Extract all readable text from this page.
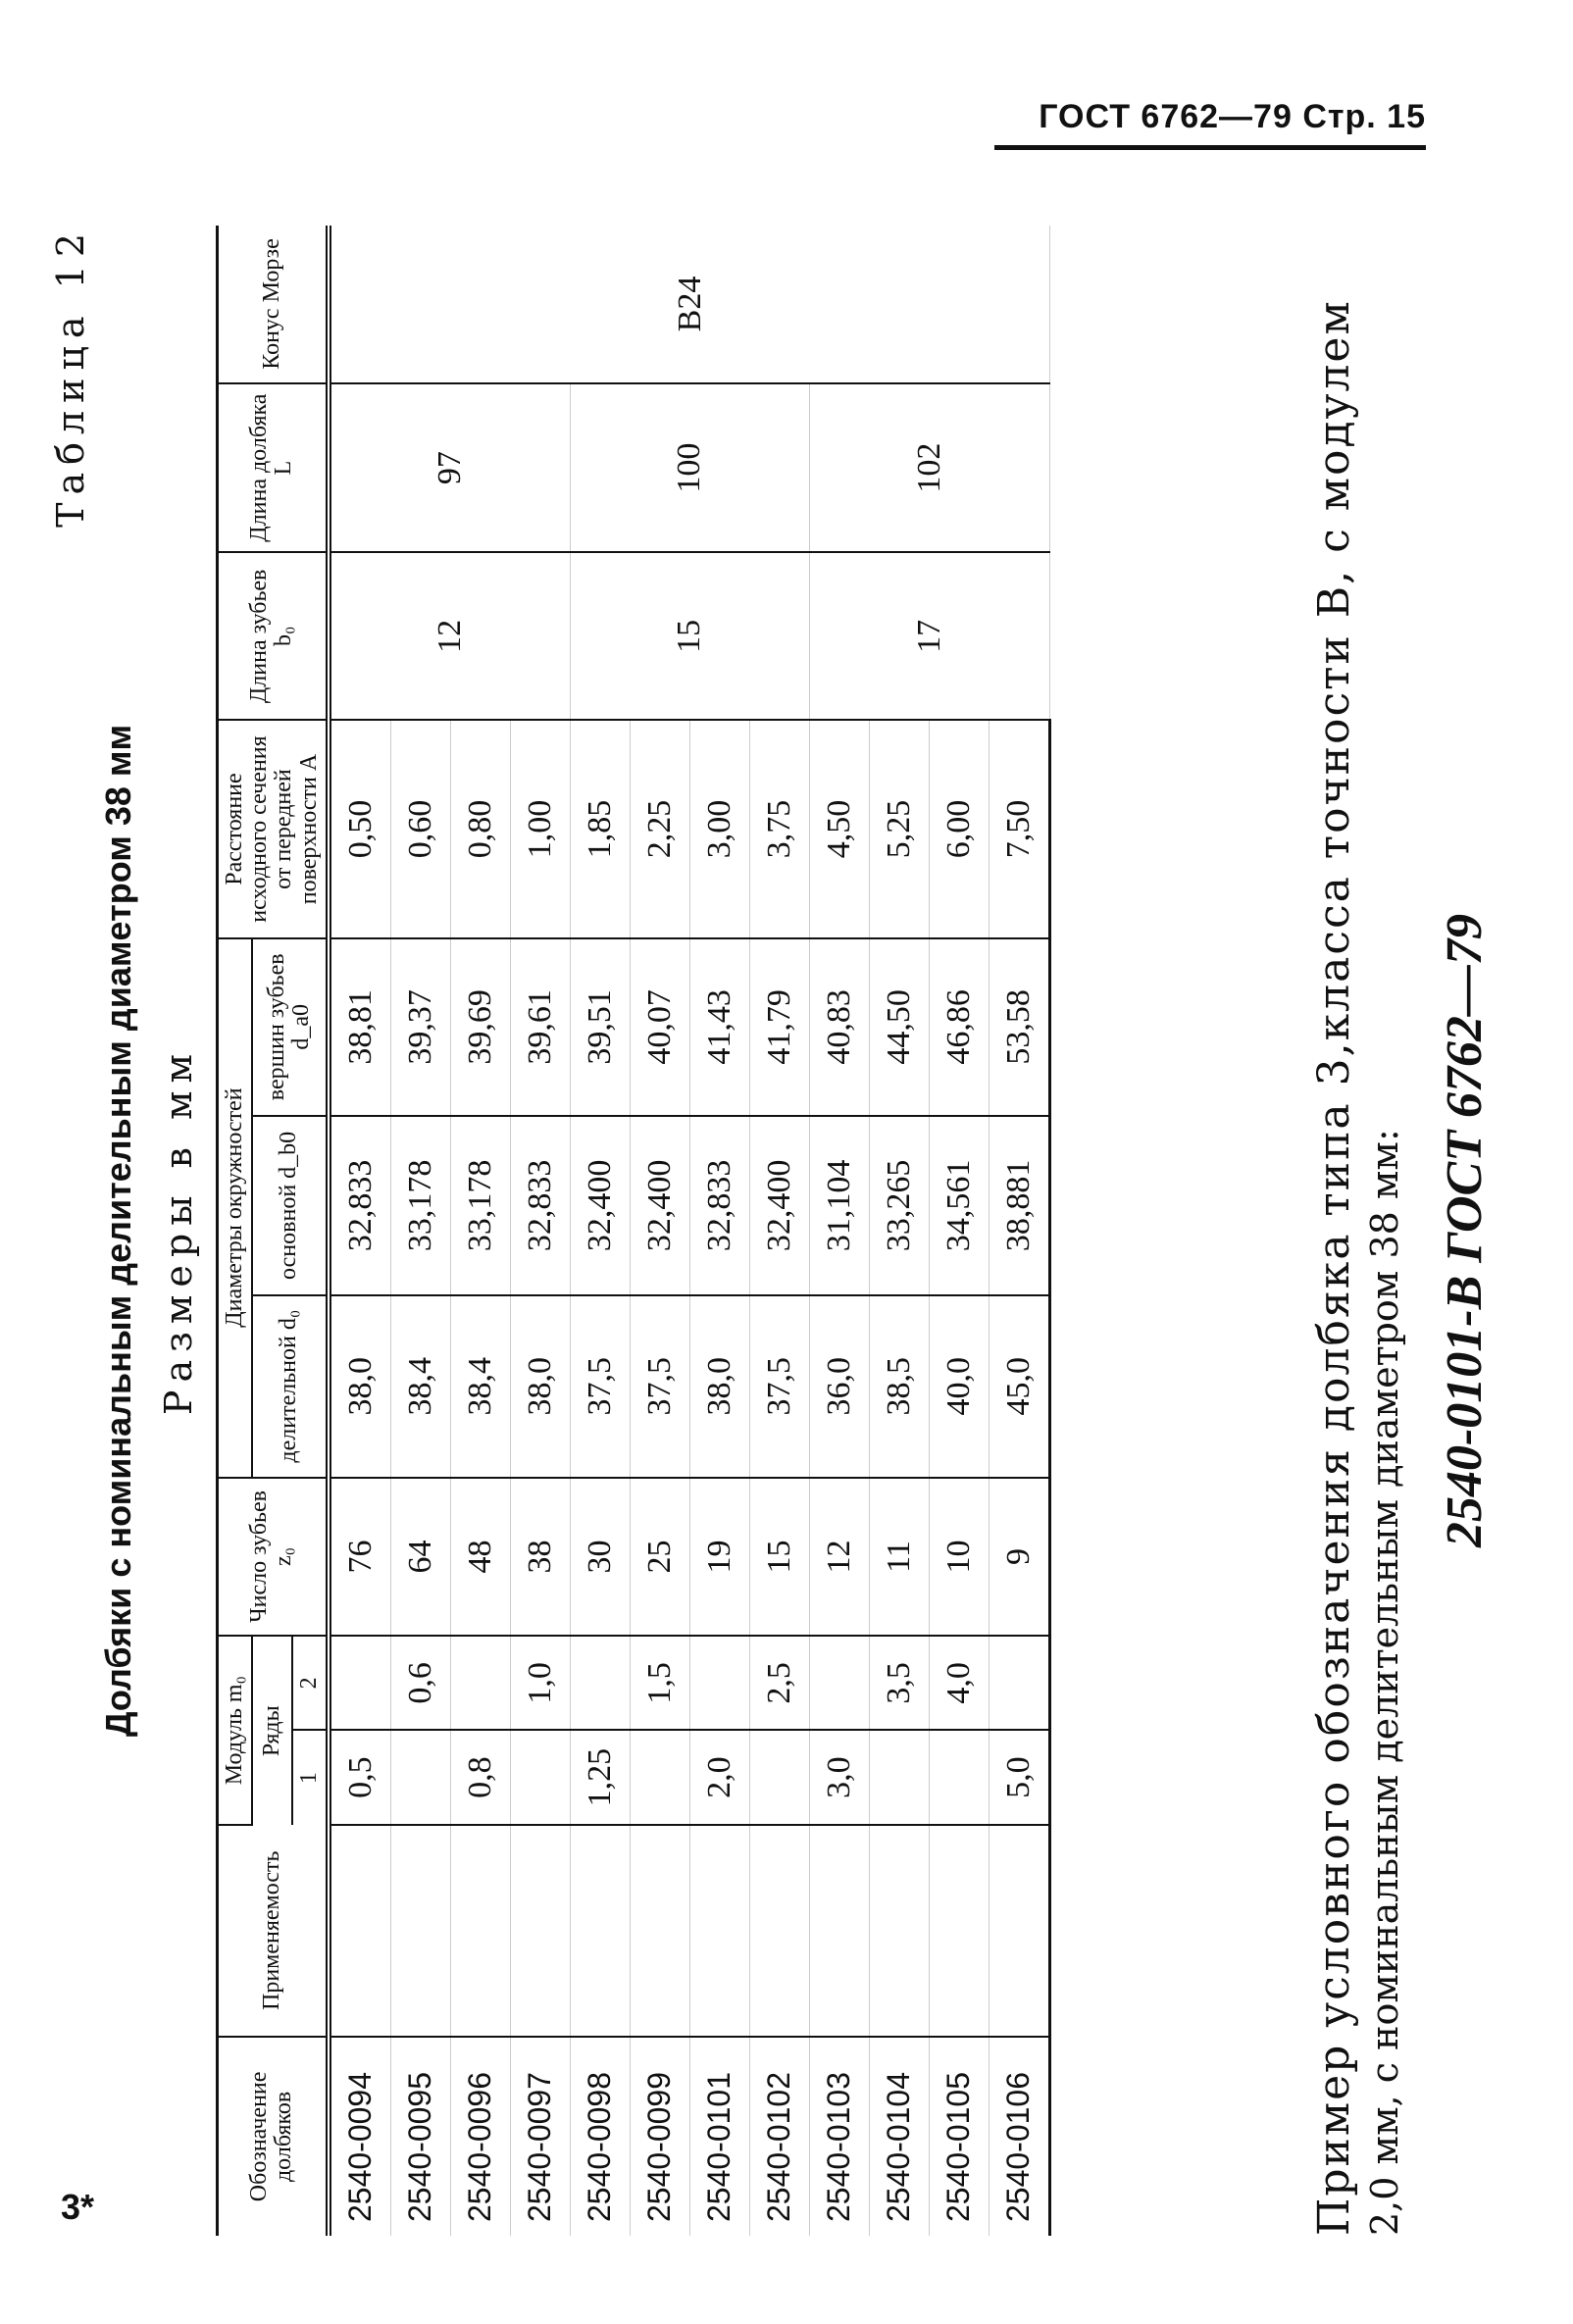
ГОСТ 6762—79 Стр. 15
3*
Таблица 12
Долбяки с номинальным делительным диаметром 38 мм Размеры в мм
Обозначение долбяков	Применяемость	Модуль m₀		Число зубьев z₀	Диаметры окружностей			Расстояние исходного сечения от передней поверхности A	Длина зубьев b₀	Длина долбяка L	Конус Морзе
		Ряды			делительной d₀	основной d_b0	вершин зубьев d_a0				
		1	2								
2540-0094		0,5		76	38,0	32,833	38,81	0,50	12	97	В24
2540-0095			0,6	64	38,4	33,178	39,37	0,60			
2540-0096		0,8		48	38,4	33,178	39,69	0,80			
2540-0097			1,0	38	38,0	32,833	39,61	1,00			
2540-0098		1,25		30	37,5	32,400	39,51	1,85	15	100	
2540-0099			1,5	25	37,5	32,400	40,07	2,25			
2540-0101		2,0		19	38,0	32,833	41,43	3,00			
2540-0102			2,5	15	37,5	32,400	41,79	3,75			
2540-0103		3,0		12	36,0	31,104	40,83	4,50	17	102	
2540-0104			3,5	11	38,5	33,265	44,50	5,25			
2540-0105			4,0	10	40,0	34,561	46,86	6,00			
2540-0106		5,0		9	45,0	38,881	53,58	7,50				Пример условного обозначения долбяка типа 3,класса точности В, с модулем 2,0 мм, с номинальным делительным диаметром 38 мм: 2540-0101-В ГОСТ 6762—79
